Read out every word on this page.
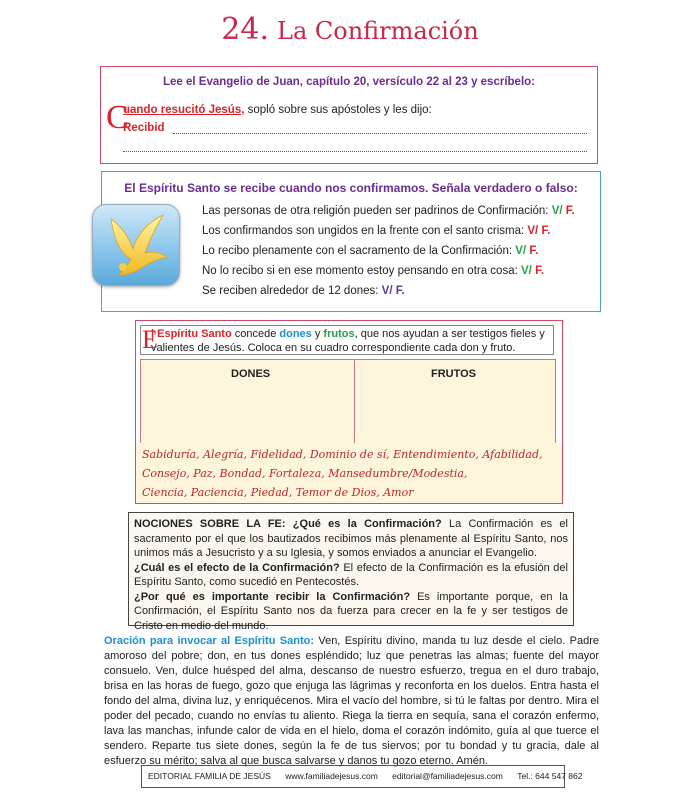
24. La Confirmación
Lee el Evangelio de Juan, capítulo 20, versículo 22 al 23 y escríbelo:
C
uando resucitó Jesús, sopló sobre sus apóstoles y les dijo:
Recibid
El Espíritu Santo se recibe cuando nos confirmamos. Señala verdadero o falso:
Las personas de otra religión pueden ser padrinos de Confirmación: V/ F.
Los confirmandos son ungidos en la frente con el santo crisma: V/ F.
Lo recibo plenamente con el sacramento de la Confirmación: V/ F.
No lo recibo si en ese momento estoy pensando en otra cosa: V/ F.
Se reciben alrededor de 12 dones: V/ F.
E
l Espíritu Santo concede dones y frutos, que nos ayudan a ser testigos fieles y valientes de Jesús. Coloca en su cuadro correspondiente cada don y fruto.
DONES	FRUTOS
Sabiduría, Alegría, Fidelidad, Dominio de sí, Entendimiento, Afabilidad,
Consejo, Paz, Bondad, Fortaleza, Mansedumbre/Modestia,
Ciencia, Paciencia, Piedad, Temor de Dios, Amor

NOCIONES SOBRE LA FE: ¿Qué es la Confirmación? La Confirmación es el sacramento por el que los bautizados recibimos más plenamente al Espíritu Santo, nos unimos más a Jesucristo y a su Iglesia, y somos enviados a anunciar el Evangelio.

¿Cuál es el efecto de la Confirmación? El efecto de la Confirmación es la efusión del Espíritu Santo, como sucedió en Pentecostés.

¿Por qué es importante recibir la Confirmación? Es importante porque, en la Confirmación, el Espíritu Santo nos da fuerza para crecer en la fe y ser testigos de Cristo en medio del mundo.

Oración para invocar al Espíritu Santo: Ven, Espíritu divino, manda tu luz desde el cielo. Padre amoroso del pobre; don, en tus dones espléndido; luz que penetras las almas; fuente del mayor consuelo. Ven, dulce huésped del alma, descanso de nuestro esfuerzo, tregua en el duro trabajo, brisa en las horas de fuego, gozo que enjuga las lágrimas y reconforta en los duelos. Entra hasta el fondo del alma, divina luz, y enriquécenos. Mira el vacío del hombre, si tú le faltas por dentro. Mira el poder del pecado, cuando no envías tu aliento. Riega la tierra en sequía, sana el corazón enfermo, lava las manchas, infunde calor de vida en el hielo, doma el corazón indómito, guía al que tuerce el sendero. Reparte tus siete dones, según la fe de tus siervos; por tu bondad y tu gracia, dale al esfuerzo su mérito; salva al que busca salvarse y danos tu gozo eterno. Amén.
EDITORIAL FAMILIA DE JESÚS www.familiadejesus.com editorial@familiadejesus.com Tel.: 644 547 862
